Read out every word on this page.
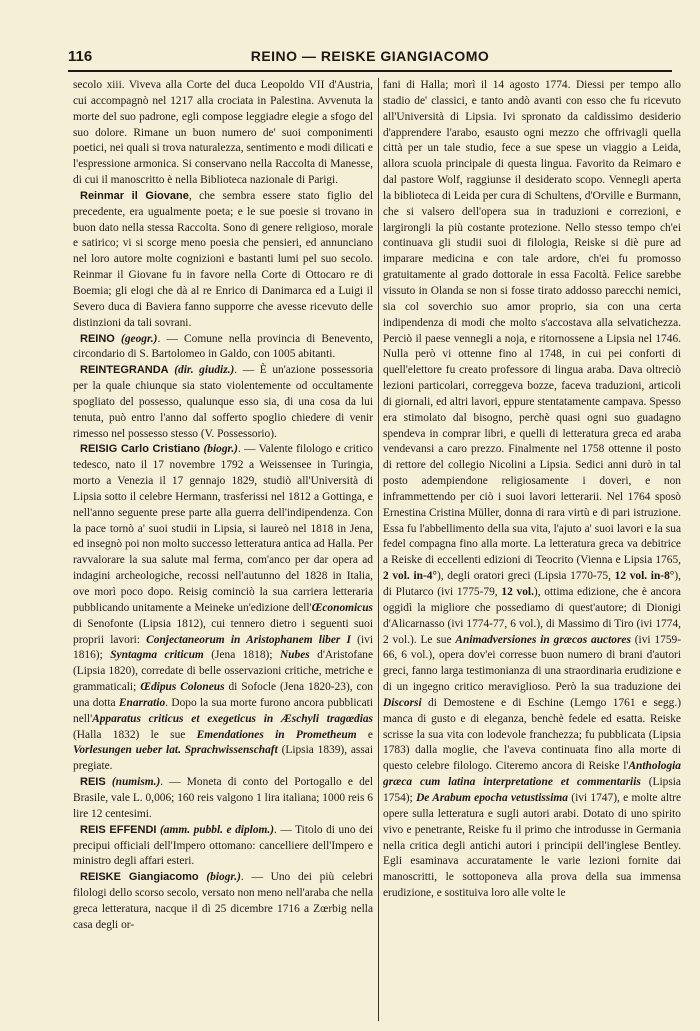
116	REINO — REISKE GIANGIACOMO

secolo xiii. Viveva alla Corte del duca Leopoldo VII d'Austria, cui accompagnò nel 1217 alla crociata in Palestina. Avvenuta la morte del suo padrone, egli compose leggiadre elegie a sfogo del suo dolore. Rimane un buon numero de' suoi componimenti poetici, nei quali si trova naturalezza, sentimento e modi dilicati e l'espressione armonica. Si conservano nella Raccolta di Manesse, di cui il manoscritto è nella Biblioteca nazionale di Parigi.

Reinmar il Giovane, che sembra essere stato figlio del precedente, era ugualmente poeta; e le sue poesie si trovano in buon dato nella stessa Raccolta. Sono di genere religioso, morale e satirico; vi si scorge meno poesia che pensieri, ed annunciano nel loro autore molte cognizioni e bastanti lumi pel suo secolo. Reinmar il Giovane fu in favore nella Corte di Ottocaro re di Boemia; gli elogi che dà al re Enrico di Danimarca ed a Luigi il Severo duca di Baviera fanno supporre che avesse ricevuto delle distinzioni da tali sovrani.

REINO (geogr.). — Comune nella provincia di Benevento, circondario di S. Bartolomeo in Galdo, con 1005 abitanti.

REINTEGRANDA (dir. giudiz.). — È un'azione possessoria per la quale chiunque sia stato violentemente od occultamente spogliato del possesso, qualunque esso sia, di una cosa da lui tenuta, può entro l'anno dal sofferto spoglio chiedere di venir rimesso nel possesso stesso (V. Possessorio).

REISIG Carlo Cristiano (biogr.). — Valente filologo e critico tedesco, nato il 17 novembre 1792 a Weissensee in Turingia, morto a Venezia il 17 gennajo 1829, studiò all'Università di Lipsia sotto il celebre Hermann, trasferissi nel 1812 a Gottinga, e nell'anno seguente prese parte alla guerra dell'indipendenza. Con la pace tornò a' suoi studii in Lipsia, si laureò nel 1818 in Jena, ed insegnò poi non molto successo letteratura antica ad Halla. Per ravvalorare la sua salute mal ferma, com'anco per dar opera ad indagini archeologiche, recossi nell'autunno del 1828 in Italia, ove morì poco dopo. Reisig cominciò la sua carriera letteraria pubblicando unitamente a Meineke un'edizione dell'Œconomicus di Senofonte (Lipsia 1812), cui tennero dietro i seguenti suoi proprii lavori: Conjectaneorum in Aristophanem liber I (ivi 1816); Syntagma criticum (Jena 1818); Nubes d'Aristofane (Lipsia 1820), corredate di belle osservazioni critiche, metriche e grammaticali; Œdipus Coloneus di Sofocle (Jena 1820-23), con una dotta Enarratio. Dopo la sua morte furono ancora pubblicati nell'Apparatus criticus et exegeticus in Æschyli tragœdias (Halla 1832) le sue Emendationes in Prometheum e Vorlesungen ueber lat. Sprachwissenschaft (Lipsia 1839), assai pregiate.

REIS (numism.). — Moneta di conto del Portogallo e del Brasile, vale L. 0,006; 160 reis valgono 1 lira italiana; 1000 reis 6 lire 12 centesimi.

REIS EFFENDI (amm. pubbl. e diplom.). — Titolo di uno dei precipui officiali dell'Impero ottomano: cancelliere dell'Impero e ministro degli affari esteri.

REISKE Giangiacomo (biogr.). — Uno dei più celebri filologi dello scorso secolo, versato non meno nell'araba che nella greca letteratura, nacque il dì 25 dicembre 1716 a Zœrbig nella casa degli or-

fani di Halla; morì il 14 agosto 1774. Diessi per tempo allo stadio de' classici, e tanto andò avanti con esso che fu ricevuto all'Università di Lipsia. Ivi spronato da caldissimo desiderio d'apprendere l'arabo, esausto ogni mezzo che offrivagli quella città per un tale studio, fece a sue spese un viaggio a Leida, allora scuola principale di questa lingua. Favorito da Reimaro e dal pastore Wolf, raggiunse il desiderato scopo. Vennegli aperta la biblioteca di Leida per cura di Schultens, d'Orville e Burmann, che si valsero dell'opera sua in traduzioni e correzioni, e largirongli la più costante protezione. Nello stesso tempo ch'ei continuava gli studii suoi di filologia, Reiske si diè pure ad imparare medicina e con tale ardore, ch'ei fu promosso gratuitamente al grado dottorale in essa Facoltà. Felice sarebbe vissuto in Olanda se non si fosse tirato addosso parecchi nemici, sia col soverchio suo amor proprio, sia con una certa indipendenza di modi che molto s'accostava alla selvatichezza. Perciò il paese vennegli a noja, e ritornossene a Lipsia nel 1746. Nulla però vi ottenne fino al 1748, in cui pei conforti di quell'elettore fu creato professore di lingua araba. Dava oltreciò lezioni particolari, correggeva bozze, faceva traduzioni, articoli di giornali, ed altri lavori, eppure stentatamente campava. Spesso era stimolato dal bisogno, perchè quasi ogni suo guadagno spendeva in comprar libri, e quelli di letteratura greca ed araba vendevansi a caro prezzo. Finalmente nel 1758 ottenne il posto di rettore del collegio Nicolini a Lipsia. Sedici anni durò in tal posto adempiendone religiosamente i doveri, e non inframmettendo per ciò i suoi lavori letterarii. Nel 1764 sposò Ernestina Cristina Müller, donna di rara virtù e di pari istruzione. Essa fu l'abbellimento della sua vita, l'ajuto a' suoi lavori e la sua fedel compagna fino alla morte. La letteratura greca va debitrice a Reiske di eccellenti edizioni di Teocrito (Vienna e Lipsia 1765, 2 vol. in-4°), degli oratori greci (Lipsia 1770-75, 12 vol. in-8°), di Plutarco (ivi 1775-79, 12 vol.), ottima edizione, che è ancora oggidì la migliore che possediamo di quest'autore; di Dionigi d'Alicarnasso (ivi 1774-77, 6 vol.), di Massimo di Tiro (ivi 1774, 2 vol.). Le sue Animadversiones in græcos auctores (ivi 1759-66, 6 vol.), opera dov'ei corresse buon numero di brani d'autori greci, fanno larga testimonianza di una straordinaria erudizione e di un ingegno critico meraviglioso. Però la sua traduzione dei Discorsi di Demostene e di Eschine (Lemgo 1761 e segg.) manca di gusto e di eleganza, benchè fedele ed esatta. Reiske scrisse la sua vita con lodevole franchezza; fu pubblicata (Lipsia 1783) dalla moglie, che l'aveva continuata fino alla morte di questo celebre filologo. Citeremo ancora di Reiske l'Anthologia græca cum latina interpretatione et commentariis (Lipsia 1754); De Arabum epocha vetustissima (ivi 1747), e molte altre opere sulla letteratura e sugli autori arabi. Dotato di uno spirito vivo e penetrante, Reiske fu il primo che introdusse in Germania nella critica degli antichi autori i principii dell'inglese Bentley. Egli esaminava accuratamente le varie lezioni fornite dai manoscritti, le sottoponeva alla prova della sua immensa erudizione, e sostituiva loro alle volte le
